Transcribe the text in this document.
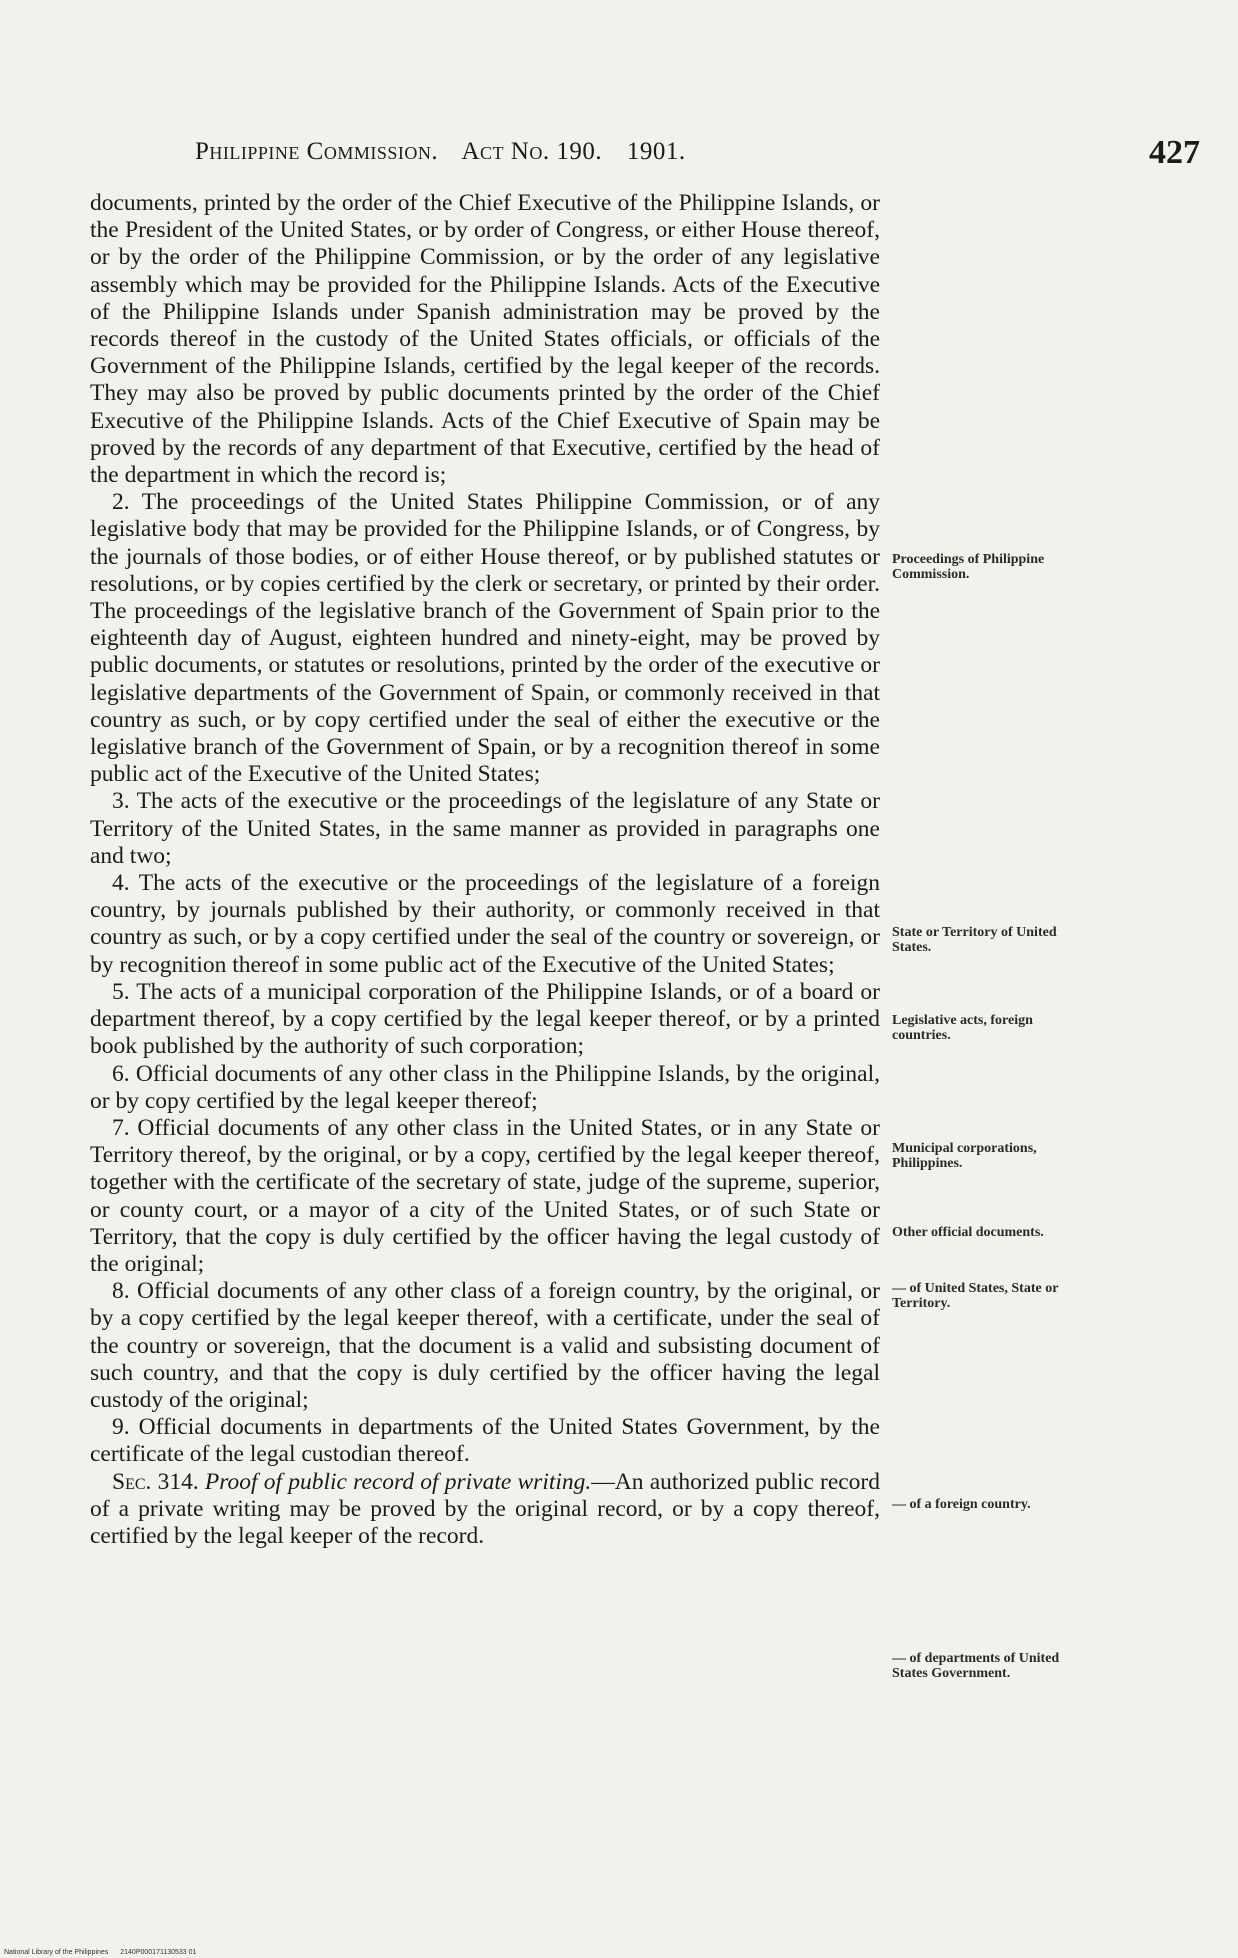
Philippine Commission. Act No. 190. 1901.	427

documents, printed by the order of the Chief Executive of the Philippine Islands, or the President of the United States, or by order of Congress, or either House thereof, or by the order of the Philippine Commission, or by the order of any legislative assembly which may be provided for the Philippine Islands. Acts of the Executive of the Philippine Islands under Spanish administration may be proved by the records thereof in the custody of the United States officials, or officials of the Government of the Philippine Islands, certified by the legal keeper of the records. They may also be proved by public documents printed by the order of the Chief Executive of the Philippine Islands. Acts of the Chief Executive of Spain may be proved by the records of any department of that Executive, certified by the head of the department in which the record is;

2. The proceedings of the United States Philippine Commission, or of any legislative body that may be provided for the Philippine Islands, or of Congress, by the journals of those bodies, or of either House thereof, or by published statutes or resolutions, or by copies certified by the clerk or secretary, or printed by their order. The proceedings of the legislative branch of the Government of Spain prior to the eighteenth day of August, eighteen hundred and ninety-eight, may be proved by public documents, or statutes or resolutions, printed by the order of the executive or legislative departments of the Government of Spain, or commonly received in that country as such, or by copy certified under the seal of either the executive or the legislative branch of the Government of Spain, or by a recognition thereof in some public act of the Executive of the United States;

3. The acts of the executive or the proceedings of the legislature of any State or Territory of the United States, in the same manner as provided in paragraphs one and two;

4. The acts of the executive or the proceedings of the legislature of a foreign country, by journals published by their authority, or commonly received in that country as such, or by a copy certified under the seal of the country or sovereign, or by recognition thereof in some public act of the Executive of the United States;

5. The acts of a municipal corporation of the Philippine Islands, or of a board or department thereof, by a copy certified by the legal keeper thereof, or by a printed book published by the authority of such corporation;

6. Official documents of any other class in the Philippine Islands, by the original, or by copy certified by the legal keeper thereof;

7. Official documents of any other class in the United States, or in any State or Territory thereof, by the original, or by a copy, certified by the legal keeper thereof, together with the certificate of the secretary of state, judge of the supreme, superior, or county court, or a mayor of a city of the United States, or of such State or Territory, that the copy is duly certified by the officer having the legal custody of the original;

8. Official documents of any other class of a foreign country, by the original, or by a copy certified by the legal keeper thereof, with a certificate, under the seal of the country or sovereign, that the document is a valid and subsisting document of such country, and that the copy is duly certified by the officer having the legal custody of the original;

9. Official documents in departments of the United States Government, by the certificate of the legal custodian thereof.

Sec. 314. Proof of public record of private writing.—An authorized public record of a private writing may be proved by the original record, or by a copy thereof, certified by the legal keeper of the record.

Proceedings of Philippine Commission.
State or Territory of United States.
Legislative acts, foreign countries.
Municipal corporations, Philippines.
Other official documents.
— of United States, State or Territory.
— of a foreign country.
— of departments of United States Government.
National Library of the Philippines 2140P000171130533 01
